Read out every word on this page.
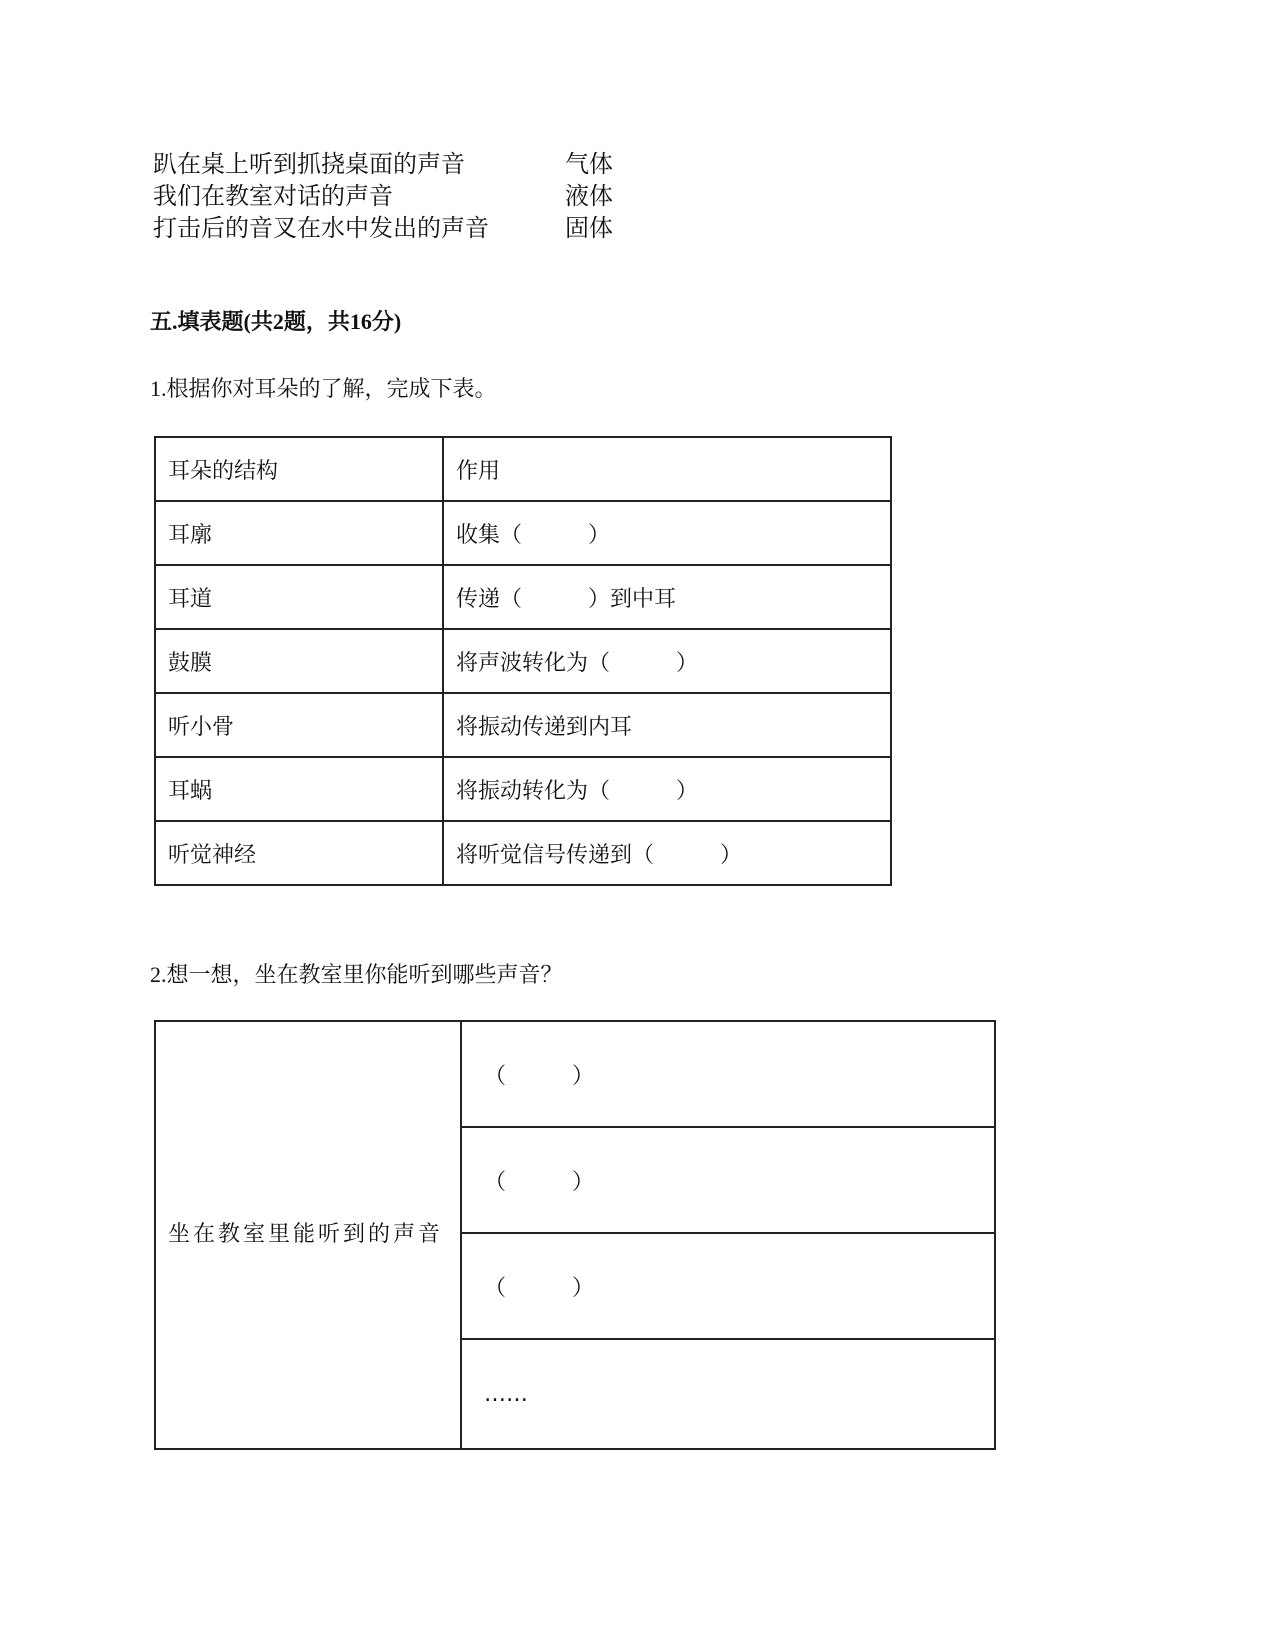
趴在桌上听到抓挠桌面的声音	气体
我们在教室对话的声音	液体
打击后的音叉在水中发出的声音	固体
五.填表题(共2题，共16分)
1.根据你对耳朵的了解，完成下表。
耳朵的结构	作用
耳廓	收集（　　　）
耳道	传递（　　　）到中耳
鼓膜	将声波转化为（　　　）
听小骨	将振动传递到内耳
耳蜗	将振动转化为（　　　）
听觉神经	将听觉信号传递到（　　　）
2.想一想，坐在教室里你能听到哪些声音？
坐在教室里能听到的声音	（　　　）
（　　　）
（　　　）
……
